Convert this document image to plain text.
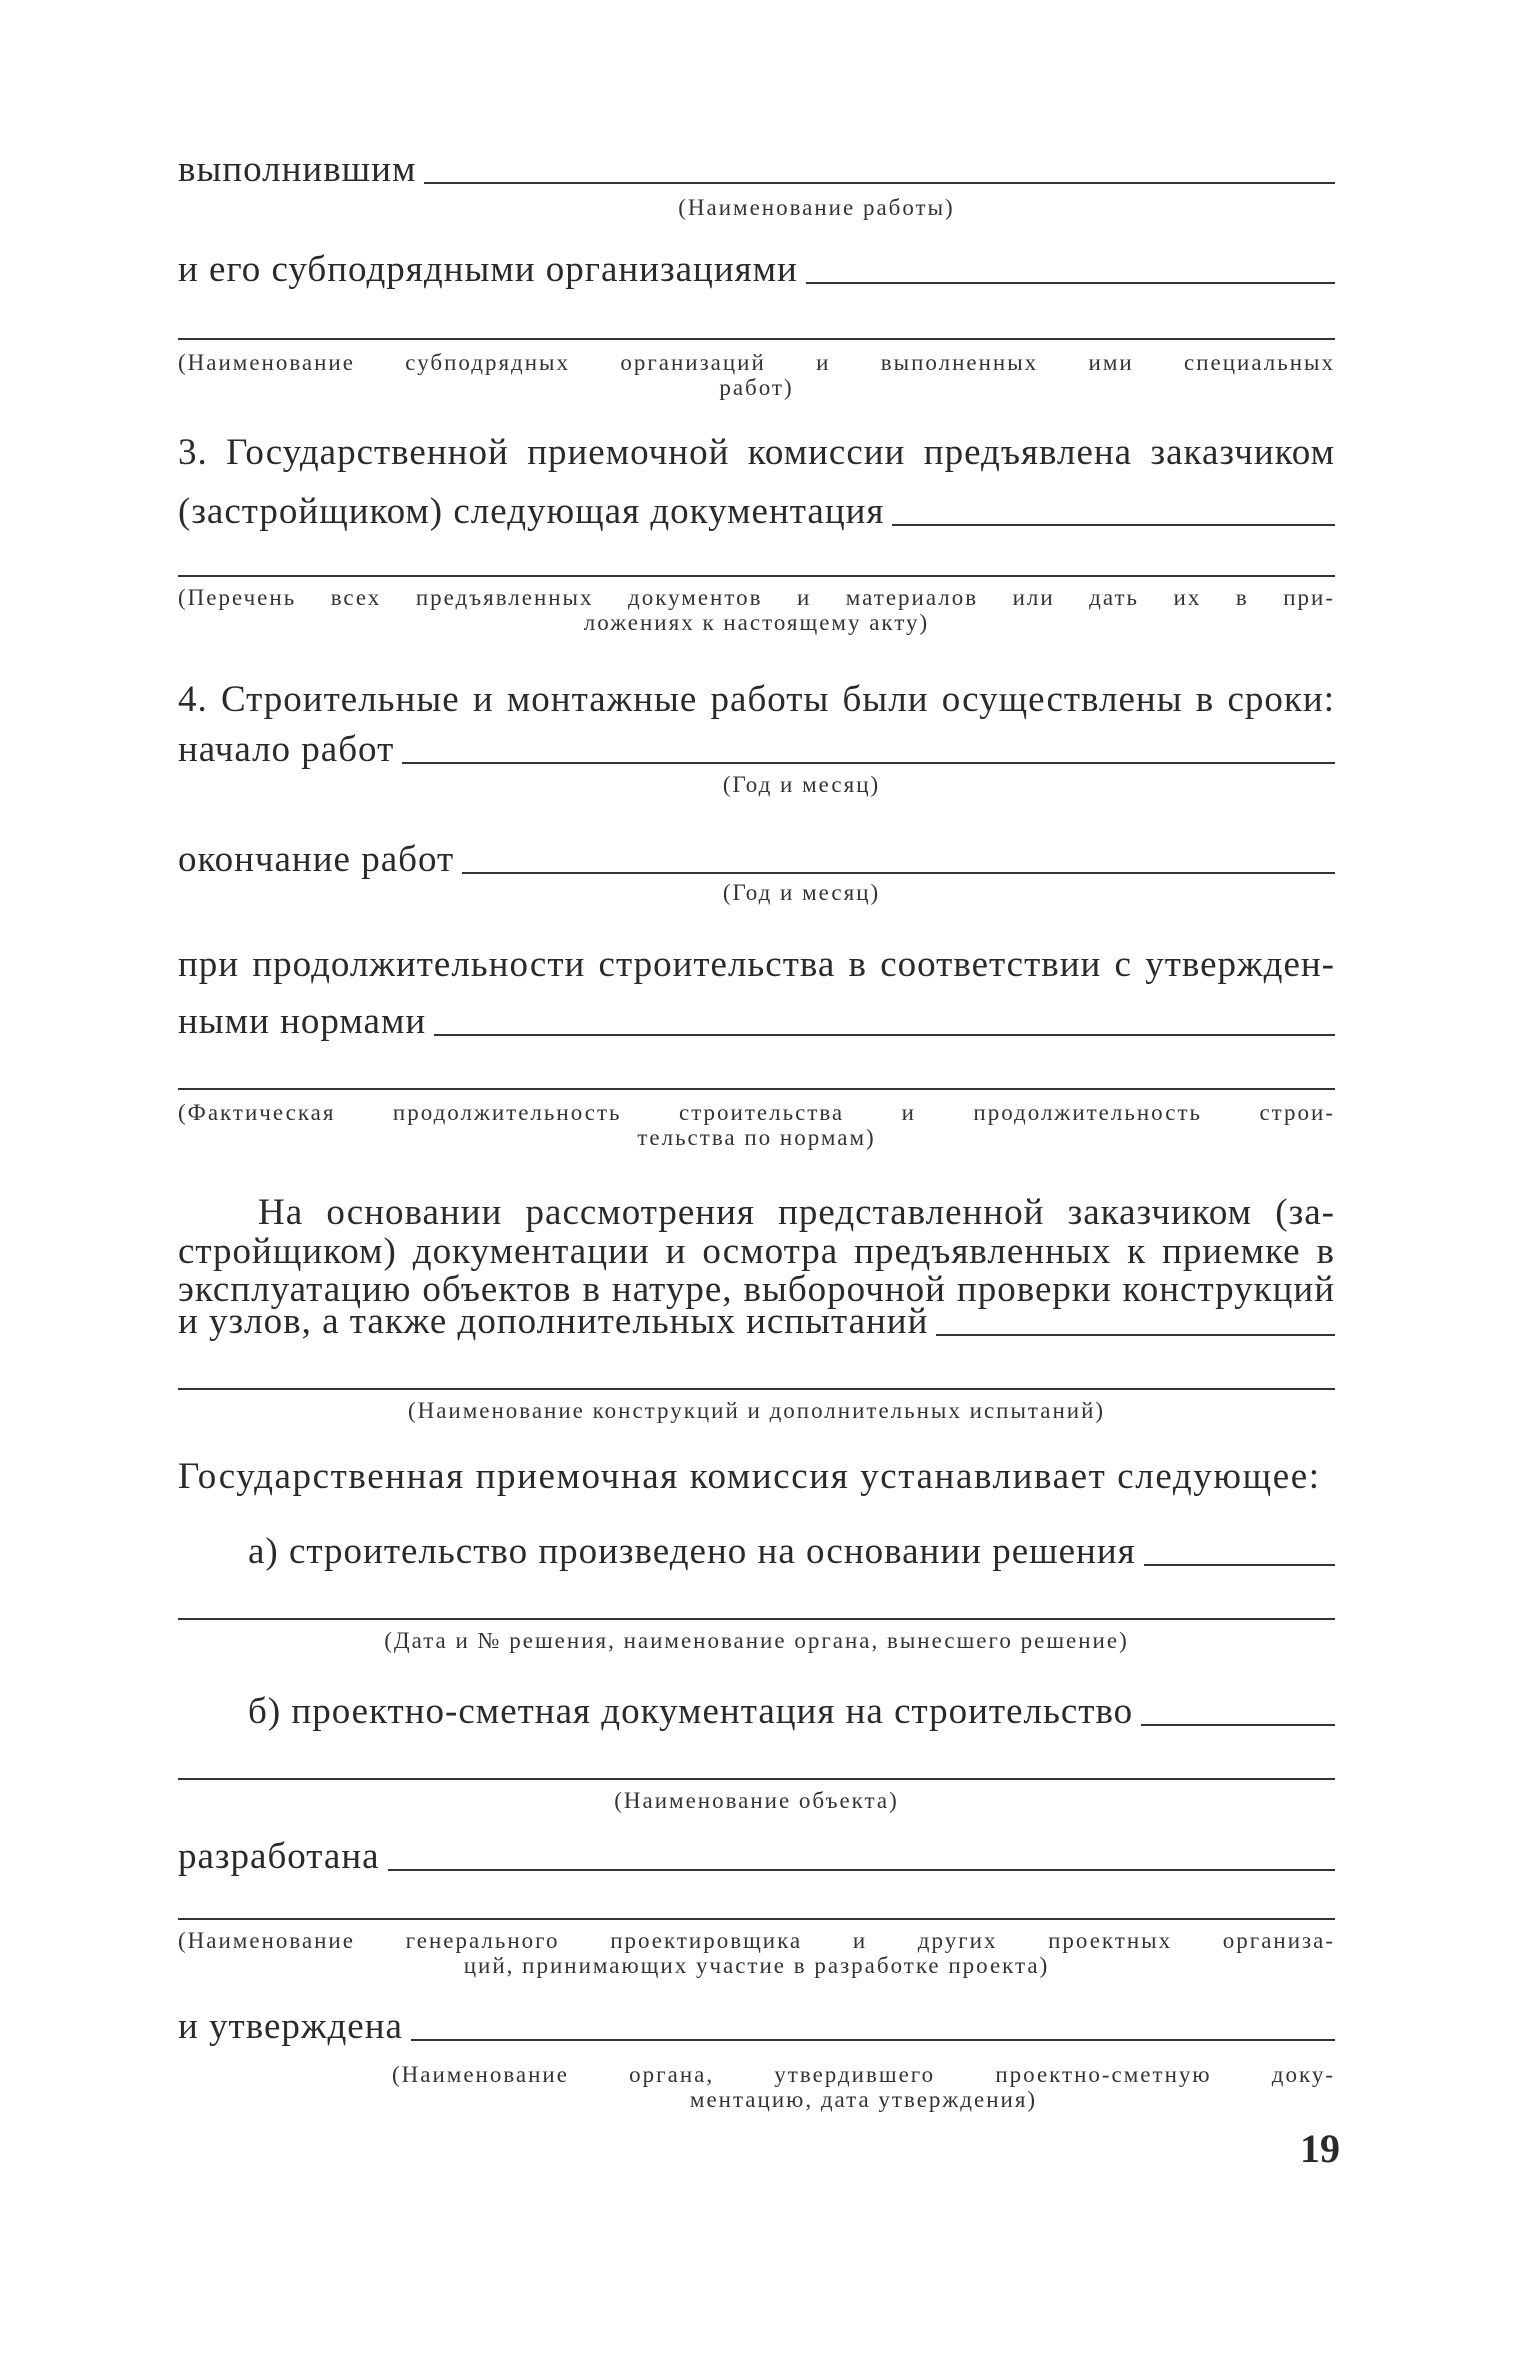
выполнившим
(Наименование работы)
и его субподрядными организациями
(Наименование субподрядных организаций и выполненных ими специальных
работ)
3. Государственной приемочной комиссии предъявлена заказчиком
(застройщиком) следующая документация
(Перечень всех предъявленных документов и материалов или дать их в при-
ложениях к настоящему акту)
4. Строительные и монтажные работы были осуществлены в сроки:
начало работ
(Год и месяц)
окончание работ
(Год и месяц)
при продолжительности строительства в соответствии с утвержден-
ными нормами
(Фактическая продолжительность строительства и продолжительность строи-
тельства по нормам)
На основании рассмотрения представленной заказчиком (за-
стройщиком) документации и осмотра предъявленных к приемке в
эксплуатацию объектов в натуре, выборочной проверки конструкций
и узлов, а также дополнительных испытаний
(Наименование конструкций и дополнительных испытаний)
Государственная приемочная комиссия устанавливает следующее:
а) строительство произведено на основании решения
(Дата и № решения, наименование органа, вынесшего решение)
б) проектно-сметная документация на строительство
(Наименование объекта)
разработана
(Наименование генерального проектировщика и других проектных организа-
ций, принимающих участие в разработке проекта)
и утверждена
(Наименование органа, утвердившего проектно-сметную доку-
ментацию, дата утверждения)
19
